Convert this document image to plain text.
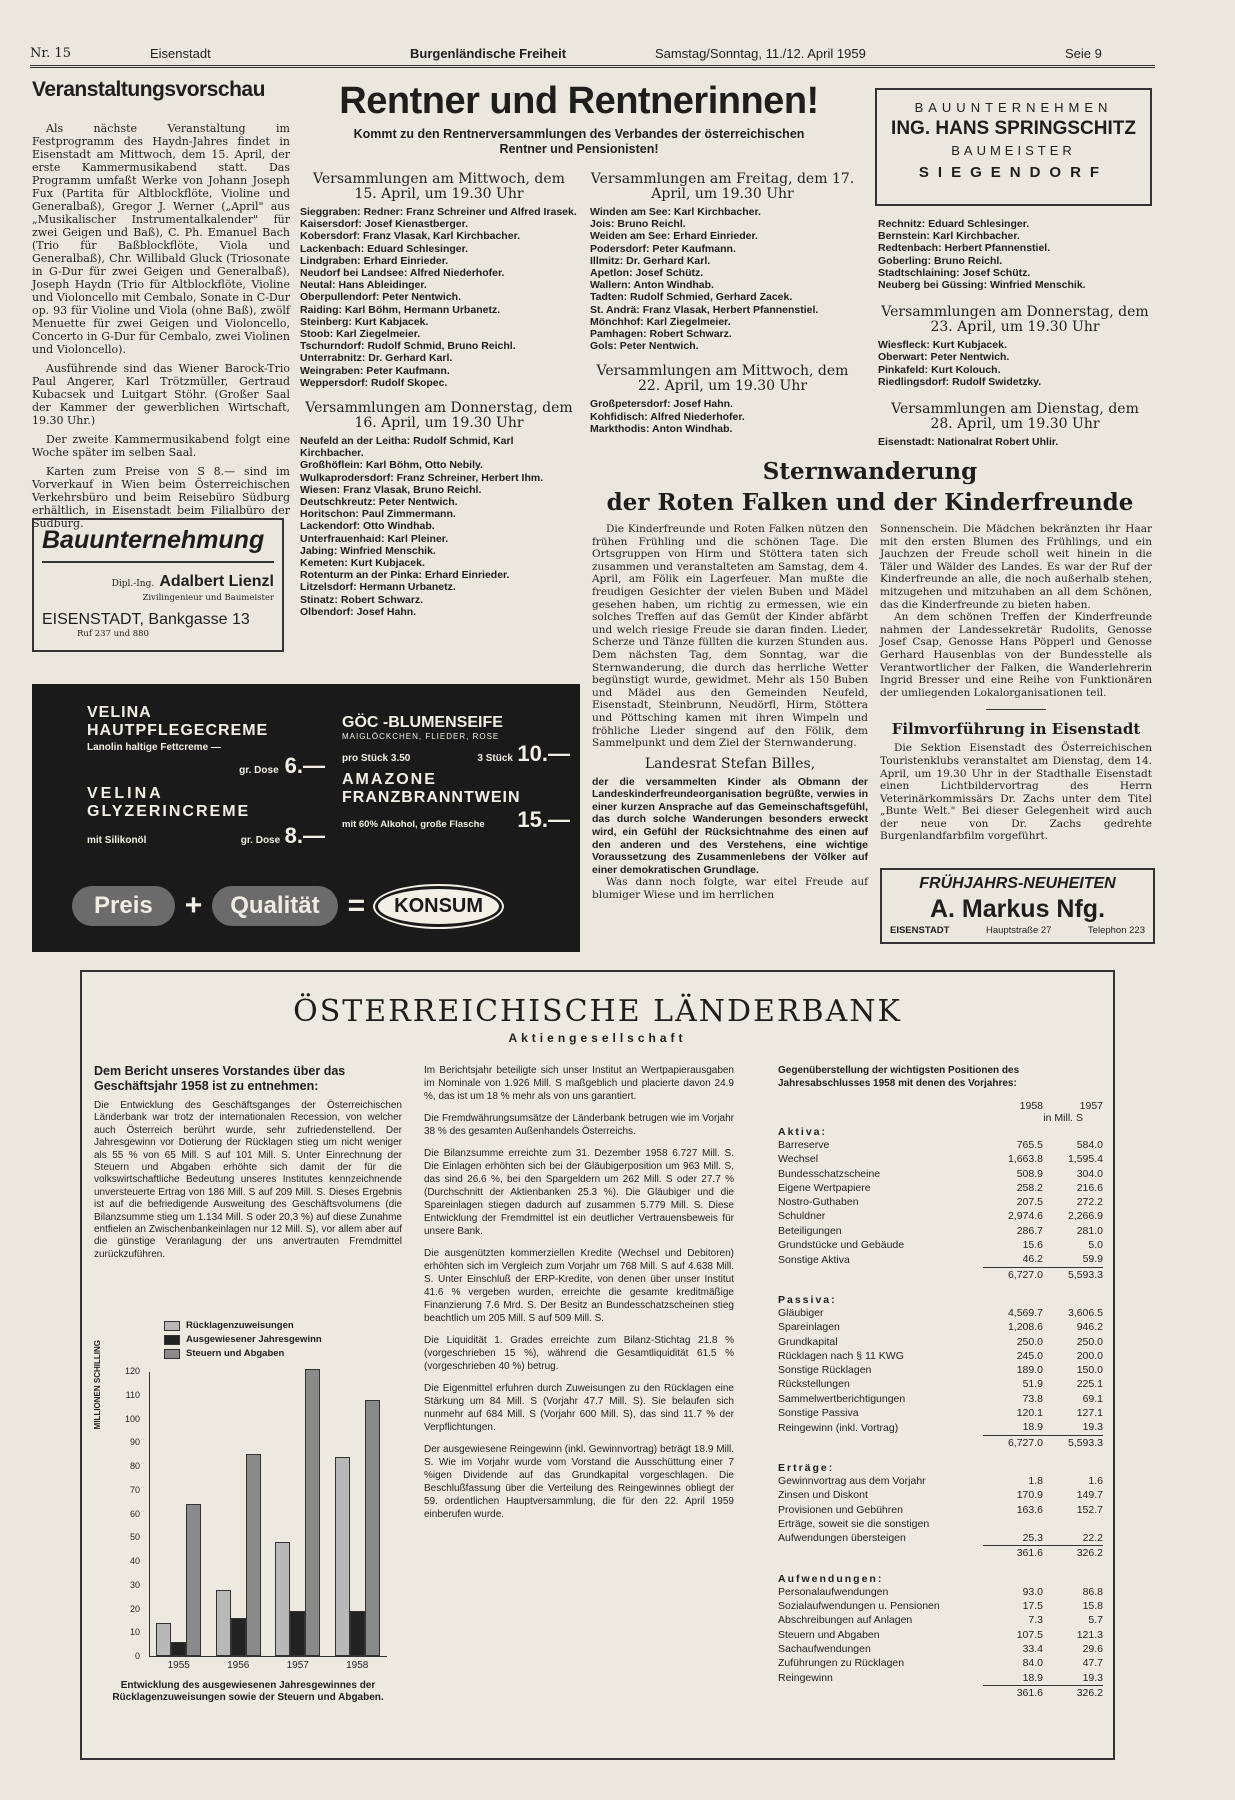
Nr. 15	Eisenstadt	Burgenländische Freiheit	Samstag/Sonntag, 11./12. April 1959	Seie 9
Veranstaltungsvorschau

Als nächste Veranstaltung im Festprogramm des Haydn-Jahres findet in Eisenstadt am Mittwoch, dem 15. April, der erste Kammermusikabend statt. Das Programm umfaßt Werke von Johann Joseph Fux (Partita für Altblockflöte, Violine und Generalbaß), Gregor J. Werner („April" aus „Musikalischer Instrumentalkalender" für zwei Geigen und Baß), C. Ph. Emanuel Bach (Trio für Baßblockflöte, Viola und Generalbaß), Chr. Willibald Gluck (Triosonate in G-Dur für zwei Geigen und Generalbaß), Joseph Haydn (Trio für Altblockflöte, Violine und Violoncello mit Cembalo, Sonate in C-Dur op. 93 für Violine und Viola (ohne Baß), zwölf Menuette für zwei Geigen und Violoncello, Concerto in G-Dur für Cembalo, zwei Violinen und Violoncello).

Ausführende sind das Wiener Barock-Trio Paul Angerer, Karl Trötzmüller, Gertraud Kubacsek und Luitgart Stöhr. (Großer Saal der Kammer der gewerblichen Wirtschaft, 19.30 Uhr.)

Der zweite Kammermusikabend folgt eine Woche später im selben Saal.

Karten zum Preise von S 8.— sind im Vorverkauf in Wien beim Österreichischen Verkehrsbüro und beim Reisebüro Südburg erhältlich, in Eisenstadt beim Filialbüro der Südburg.

Bauunternehmung
Dipl.-Ing. Adalbert Lienzl
Zivilingenieur und Baumeister
EISENSTADT, Bankgasse 13
Ruf 237 und 880
Rentner und Rentnerinnen!
Kommt zu den Rentnerversammlungen des Verbandes der österreichischen Rentner und Pensionisten!
Versammlungen am Mittwoch, dem 15. April, um 19.30 Uhr
Sieggraben: Redner: Franz Schreiner und Alfred Irasek.
Kaisersdorf: Josef Kienastberger.
Kobersdorf: Franz Vlasak, Karl Kirchbacher.
Lackenbach: Eduard Schlesinger.
Lindgraben: Erhard Einrieder.
Neudorf bei Landsee: Alfred Niederhofer.
Neutal: Hans Ableidinger.
Oberpullendorf: Peter Nentwich.
Raiding: Karl Böhm, Hermann Urbanetz.
Steinberg: Kurt Kabjacek.
Stoob: Karl Ziegelmeier.
Tschurndorf: Rudolf Schmid, Bruno Reichl.
Unterrabnitz: Dr. Gerhard Karl.
Weingraben: Peter Kaufmann.
Weppersdorf: Rudolf Skopec.
Versammlungen am Donnerstag, dem 16. April, um 19.30 Uhr
Neufeld an der Leitha: Rudolf Schmid, Karl Kirchbacher.
Großhöflein: Karl Böhm, Otto Nebily.
Wulkaprodersdorf: Franz Schreiner, Herbert Ihm.
Wiesen: Franz Vlasak, Bruno Reichl.
Deutschkreutz: Peter Nentwich.
Horitschon: Paul Zimmermann.
Lackendorf: Otto Windhab.
Unterfrauenhaid: Karl Pleiner.
Jabing: Winfried Menschik.
Kemeten: Kurt Kubjacek.
Rotenturm an der Pinka: Erhard Einrieder.
Litzelsdorf: Hermann Urbanetz.
Stinatz: Robert Schwarz.
Olbendorf: Josef Hahn.
Versammlungen am Freitag, dem 17. April, um 19.30 Uhr
Winden am See: Karl Kirchbacher.
Jois: Bruno Reichl.
Weiden am See: Erhard Einrieder.
Podersdorf: Peter Kaufmann.
Illmitz: Dr. Gerhard Karl.
Apetlon: Josef Schütz.
Wallern: Anton Windhab.
Tadten: Rudolf Schmied, Gerhard Zacek.
St. Andrä: Franz Vlasak, Herbert Pfannenstiel.
Mönchhof: Karl Ziegelmeier.
Pamhagen: Robert Schwarz.
Gols: Peter Nentwich.
Versammlungen am Mittwoch, dem 22. April, um 19.30 Uhr
Großpetersdorf: Josef Hahn.
Kohfidisch: Alfred Niederhofer.
Markthodis: Anton Windhab.
BAUUNTERNEHMEN
ING. HANS SPRINGSCHITZ
BAUMEISTER
SIEGENDORF
Rechnitz: Eduard Schlesinger.
Bernstein: Karl Kirchbacher.
Redtenbach: Herbert Pfannenstiel.
Goberling: Bruno Reichl.
Stadtschlaining: Josef Schütz.
Neuberg bei Güssing: Winfried Menschik.
Versammlungen am Donnerstag, dem 23. April, um 19.30 Uhr
Wiesfleck: Kurt Kubjacek.
Oberwart: Peter Nentwich.
Pinkafeld: Kurt Kolouch.
Riedlingsdorf: Rudolf Swidetzky.
Versammlungen am Dienstag, dem 28. April, um 19.30 Uhr
Eisenstadt: Nationalrat Robert Uhlir.
Sternwanderung
der Roten Falken und der Kinderfreunde

Die Kinderfreunde und Roten Falken nützen den frühen Frühling und die schönen Tage. Die Ortsgruppen von Hirm und Stöttera taten sich zusammen und veranstalteten am Samstag, dem 4. April, am Fölik ein Lagerfeuer. Man mußte die freudigen Gesichter der vielen Buben und Mädel gesehen haben, um richtig zu ermessen, wie ein solches Treffen auf das Gemüt der Kinder abfärbt und welch riesige Freude sie daran finden. Lieder, Scherze und Tänze füllten die kurzen Stunden aus. Dem nächsten Tag, dem Sonntag, war die Sternwanderung, die durch das herrliche Wetter begünstigt wurde, gewidmet. Mehr als 150 Buben und Mädel aus den Gemeinden Neufeld, Eisenstadt, Steinbrunn, Neudörfl, Hirm, Stöttera und Pöttsching kamen mit ihren Wimpeln und fröhliche Lieder singend auf den Fölik, dem Sammelpunkt und dem Ziel der Sternwanderung.

Landesrat Stefan Billes,

der die versammelten Kinder als Obmann der Landeskinderfreundeorganisation begrüßte, verwies in einer kurzen Ansprache auf das Gemeinschaftsgefühl, das durch solche Wanderungen besonders erweckt wird, ein Gefühl der Rücksichtnahme des einen auf den anderen und des Verstehens, eine wichtige Voraussetzung des Zusammenlebens der Völker auf einer demokratischen Grundlage.

Was dann noch folgte, war eitel Freude auf blumiger Wiese und im herrlichen

Sonnenschein. Die Mädchen bekränzten ihr Haar mit den ersten Blumen des Frühlings, und ein Jauchzen der Freude scholl weit hinein in die Täler und Wälder des Landes. Es war der Ruf der Kinderfreunde an alle, die noch außerhalb stehen, mitzugehen und mitzuhaben an all dem Schönen, das die Kinderfreunde zu bieten haben.

An dem schönen Treffen der Kinderfreunde nahmen der Landessekretär Rudolits, Genosse Josef Csap, Genosse Hans Pöpperl und Genosse Gerhard Hausenblas von der Bundesstelle als Verantwortlicher der Falken, die Wanderlehrerin Ingrid Bresser und eine Reihe von Funktionären der umliegenden Lokalorganisationen teil.

Filmvorführung in Eisenstadt

Die Sektion Eisenstadt des Österreichischen Touristenklubs veranstaltet am Dienstag, dem 14. April, um 19.30 Uhr in der Stadthalle Eisenstadt einen Lichtbildervortrag des Herrn Veterinärkommissärs Dr. Zachs unter dem Titel „Bunte Welt." Bei dieser Gelegenheit wird auch der neue von Dr. Zachs gedrehte Burgenlandfarbfilm vorgeführt.

FRÜHJAHRS-NEUHEITEN
A. Markus Nfg.
EISENSTADT	Hauptstraße 27	Telephon 223
VELINA
HAUTPFLEGECREME
Lanolin haltige Fettcreme —
gr. Dose 6.—
VELINA
GLYZERINCREME
mit Silikonöl	gr. Dose 8.—
GÖC -BLUMENSEIFE
MAIGLÖCKCHEN, FLIEDER, ROSE
pro Stück 3.50	3 Stück 10.—
AMAZONE
FRANZBRANNTWEIN
mit 60% Alkohol, große Flasche 15.—
Preis	+	Qualität =	KONSUM
ÖSTERREICHISCHE LÄNDERBANK
Aktiengesellschaft
Dem Bericht unseres Vorstandes über das Geschäftsjahr 1958 ist zu entnehmen:

Die Entwicklung des Geschäftsganges der Österreichischen Länderbank war trotz der internationalen Recession, von welcher auch Österreich berührt wurde, sehr zufriedenstellend. Der Jahresgewinn vor Dotierung der Rücklagen stieg um nicht weniger als 55 % von 65 Mill. S auf 101 Mill. S. Unter Einrechnung der Steuern und Abgaben erhöhte sich damit der für die volkswirtschaftliche Bedeutung unseres Institutes kennzeichnende unversteuerte Ertrag von 186 Mill. S auf 209 Mill. S. Dieses Ergebnis ist auf die befriedigende Ausweitung des Geschäftsvolumens (die Bilanzsumme stieg um 1.134 Mill. S oder 20,3 %) auf diese Zunahme entfielen an Zwischenbankeinlagen nur 12 Mill. S), vor allem aber auf die günstige Veranlagung der uns anvertrauten Fremdmittel zurückzuführen.

MILLIONEN SCHILLING
Rücklagenzuweisungen
Ausgewiesener Jahresgewinn
Steuern und Abgaben
0
10
20
30
40
50
60
70
80
90
100
110
120
1955	1956	1957	1958
Entwicklung des ausgewiesenen Jahresgewinnes der Rücklagenzuweisungen sowie der Steuern und Abgaben.

Im Berichtsjahr beteiligte sich unser Institut an Wertpapierausgaben im Nominale von 1.926 Mill. S maßgeblich und placierte davon 24.9 %, das ist um 18 % mehr als von uns garantiert.

Die Fremdwährungsumsätze der Länderbank betrugen wie im Vorjahr 38 % des gesamten Außenhandels Österreichs.

Die Bilanzsumme erreichte zum 31. Dezember 1958 6.727 Mill. S. Die Einlagen erhöhten sich bei der Gläubigerposition um 963 Mill. S, das sind 26.6 %, bei den Spargeldern um 262 Mill. S oder 27.7 % (Durchschnitt der Aktienbanken 25.3 %). Die Gläubiger und die Spareinlagen stiegen dadurch auf zusammen 5.779 Mill. S. Diese Entwicklung der Fremdmittel ist ein deutlicher Vertrauensbeweis für unsere Bank.

Die ausgenützten kommerziellen Kredite (Wechsel und Debitoren) erhöhten sich im Vergleich zum Vorjahr um 768 Mill. S auf 4.638 Mill. S. Unter Einschluß der ERP-Kredite, von denen über unser Institut 41.6 % vergeben wurden, erreichte die gesamte kreditmäßige Finanzierung 7.6 Mrd. S. Der Besitz an Bundesschatzscheinen stieg beachtlich um 205 Mill. S auf 509 Mill. S.

Die Liquidität 1. Grades erreichte zum Bilanz-Stichtag 21.8 % (vorgeschrieben 15 %), während die Gesamtliquidität 61.5 % (vorgeschrieben 40 %) betrug.

Die Eigenmittel erfuhren durch Zuweisungen zu den Rücklagen eine Stärkung um 84 Mill. S (Vorjahr 47.7 Mill. S). Sie belaufen sich nunmehr auf 684 Mill. S (Vorjahr 600 Mill. S), das sind 11.7 % der Verpflichtungen.

Der ausgewiesene Reingewinn (inkl. Gewinnvortrag) beträgt 18.9 Mill. S. Wie im Vorjahr wurde vom Vorstand die Ausschüttung einer 7 %igen Dividende auf das Grundkapital vorgeschlagen. Die Beschlußfassung über die Verteilung des Reingewinnes obliegt der 59. ordentlichen Hauptversammlung, die für den 22. April 1959 einberufen wurde.

Gegenüberstellung der wichtigsten Positionen des Jahresabschlusses 1958 mit denen des Vorjahres:
1958	1957
in Mill. S
Aktiva:
Barreserve	765.5	584.0
Wechsel	1,663.8	1,595.4
Bundesschatzscheine	508.9	304.0
Eigene Wertpapiere	258.2	216.6
Nostro-Guthaben	207.5	272.2
Schuldner	2,974.6	2,266.9
Beteiligungen	286.7	281.0
Grundstücke und Gebäude	15.6	5.0
Sonstige Aktiva	46.2	59.9
	6,727.0	5,593.3
Passiva:
Gläubiger	4,569.7	3,606.5
Spareinlagen	1,208.6	946.2
Grundkapital	250.0	250.0
Rücklagen nach § 11 KWG	245.0	200.0
Sonstige Rücklagen	189.0	150.0
Rückstellungen	51.9	225.1
Sammelwertberichtigungen	73.8	69.1
Sonstige Passiva	120.1	127.1
Reingewinn (inkl. Vortrag)	18.9	19.3
	6,727.0	5,593.3
Erträge:
Gewinnvortrag aus dem Vorjahr	1.8	1.6
Zinsen und Diskont	170.9	149.7
Provisionen und Gebühren	163.6	152.7
Erträge, soweit sie die sonstigen		
Aufwendungen übersteigen	25.3	22.2
	361.6	326.2
Aufwendungen:
Personalaufwendungen	93.0	86.8
Sozialaufwendungen u. Pensionen	17.5	15.8
Abschreibungen auf Anlagen	7.3	5.7
Steuern und Abgaben	107.5	121.3
Sachaufwendungen	33.4	29.6
Zuführungen zu Rücklagen	84.0	47.7
Reingewinn	18.9	19.3
	361.6	326.2
